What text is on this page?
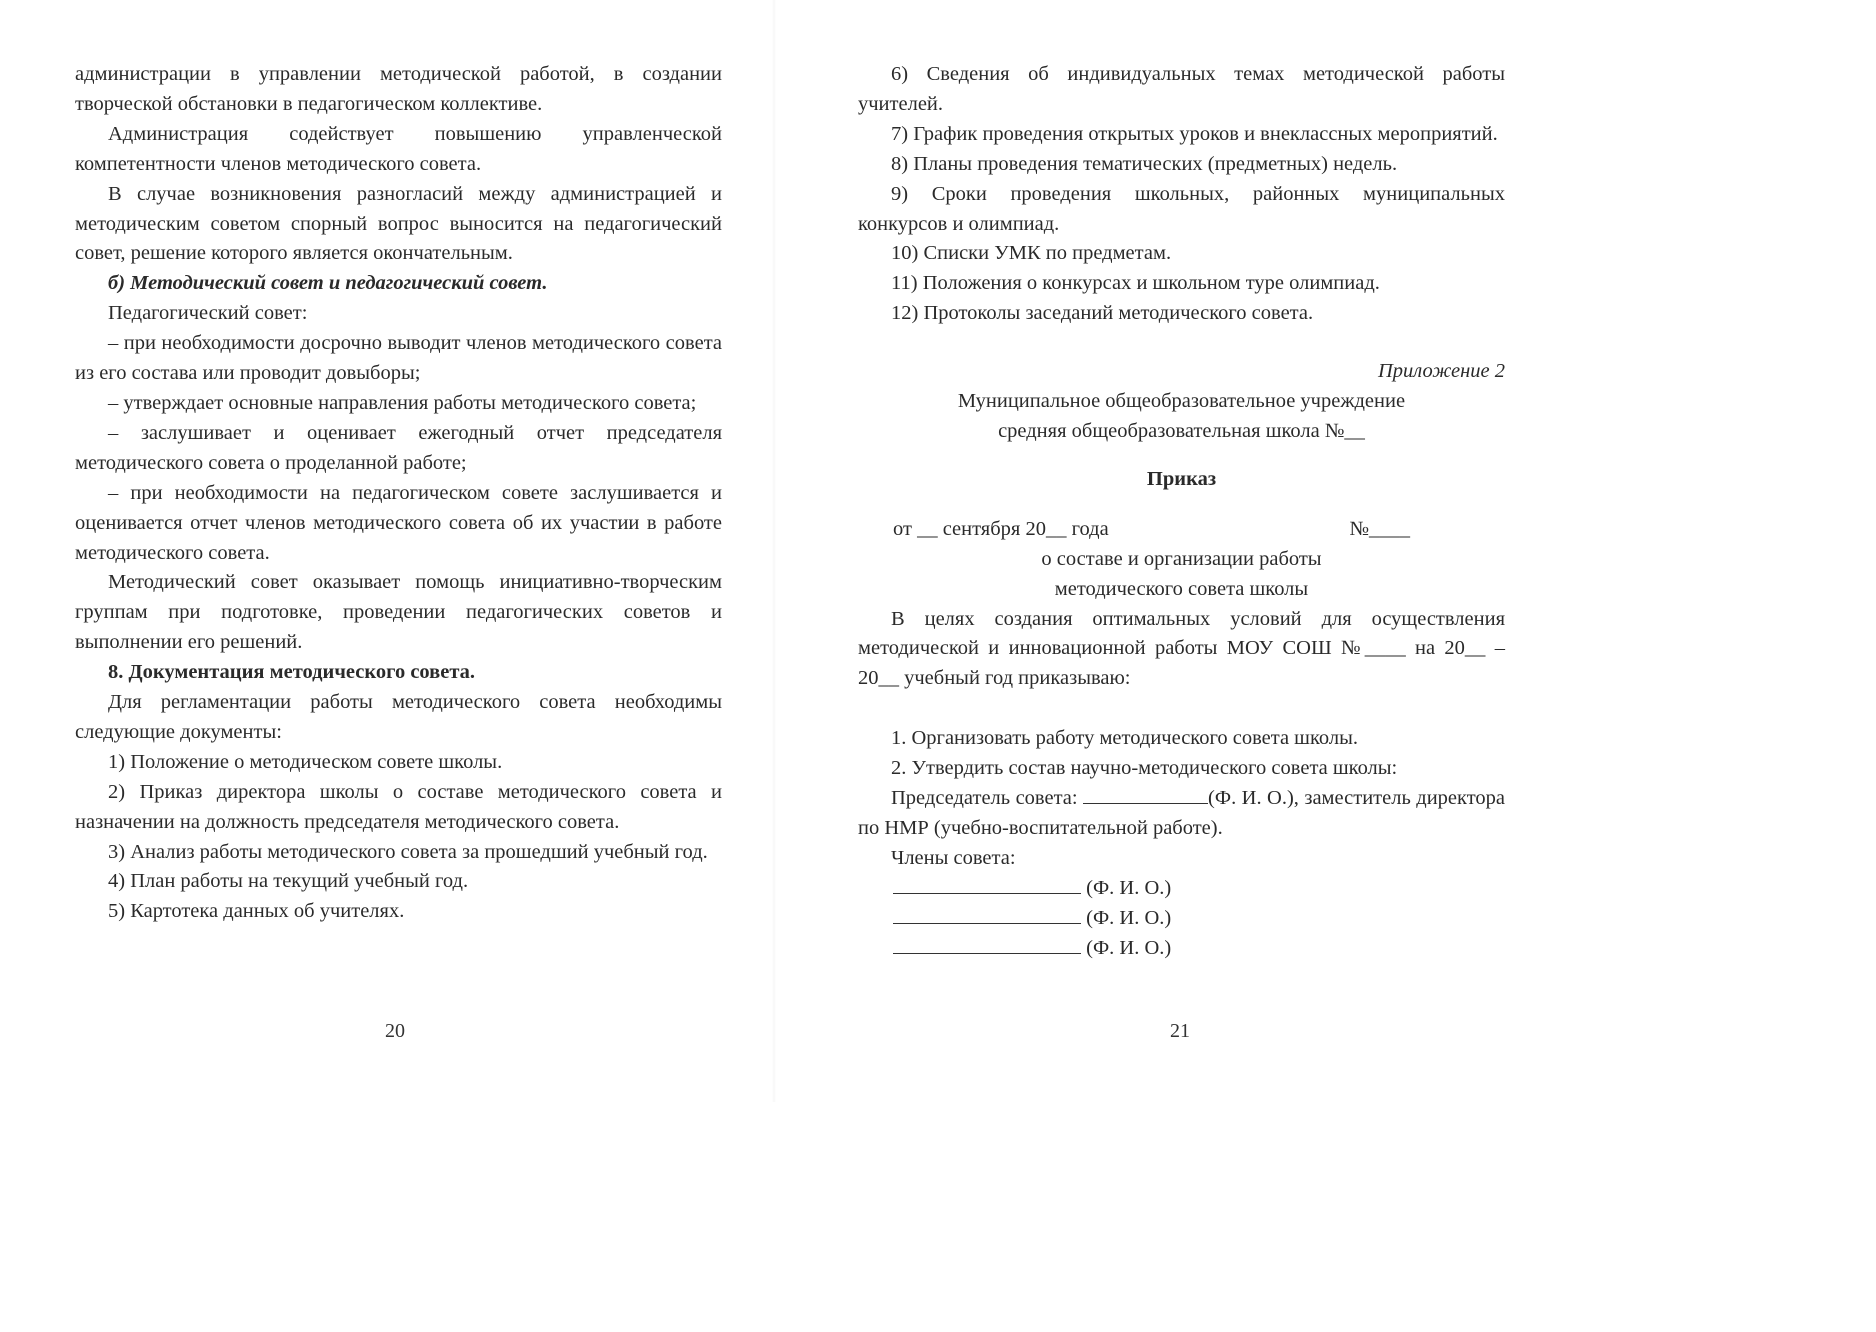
администрации в управлении методической работой, в создании творческой обстановки в педагогическом коллективе.

Администрация содействует повышению управленческой компетентности членов методического совета.

В случае возникновения разногласий между администрацией и методическим советом спорный вопрос выносится на педагогический совет, решение которого является окончательным.

б) Методический совет и педагогический совет.

Педагогический совет:

– при необходимости досрочно выводит членов методического совета из его состава или проводит довыборы;

– утверждает основные направления работы методического совета;

– заслушивает и оценивает ежегодный отчет председателя методического совета о проделанной работе;

– при необходимости на педагогическом совете заслушивается и оценивается отчет членов методического совета об их участии в работе методического совета.

Методический совет оказывает помощь инициативно-творческим группам при подготовке, проведении педагогических советов и выполнении его решений.

8. Документация методического совета.

Для регламентации работы методического совета необходимы следующие документы:

1) Положение о методическом совете школы.

2) Приказ директора школы о составе методического совета и назначении на должность председателя методического совета.

3) Анализ работы методического совета за прошедший учебный год.

4) План работы на текущий учебный год.

5) Картотека данных об учителях.

20

6) Сведения об индивидуальных темах методической работы учителей.

7) График проведения открытых уроков и внеклассных мероприятий.

8) Планы проведения тематических (предметных) недель.

9) Сроки проведения школьных, районных муниципальных конкурсов и олимпиад.

10) Списки УМК по предметам.

11) Положения о конкурсах и школьном туре олимпиад.

12) Протоколы заседаний методического совета.

Приложение 2

Муниципальное общеобразовательное учреждение

средняя общеобразовательная школа №__

Приказ

от __ сентября 20__ года	№____

о составе и организации работы

методического совета школы

В целях создания оптимальных условий для осуществления методической и инновационной работы МОУ СОШ №____ на 20__ – 20__ учебный год приказываю:

1. Организовать работу методического совета школы.

2. Утвердить состав научно-методического совета школы:

Председатель совета:	(Ф. И. О.), заместитель директора по НМР (учебно-воспитательной работе).

Члены совета:

(Ф. И. О.)
(Ф. И. О.)
(Ф. И. О.)
21
